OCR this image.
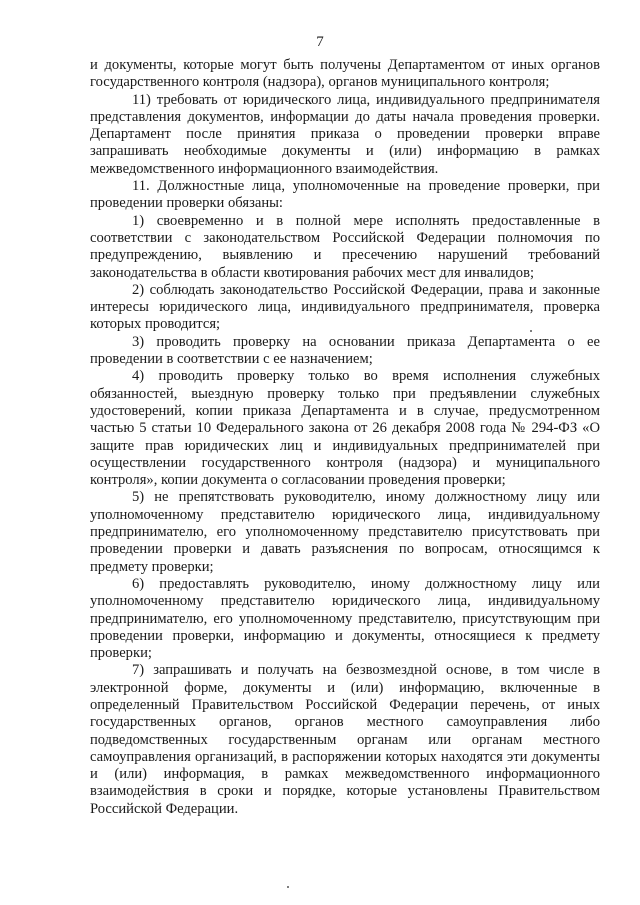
7

и документы, которые могут быть получены Департаментом от иных органов государственного контроля (надзора), органов муниципального контроля;

11) требовать от юридического лица, индивидуального предпринимателя представления документов, информации до даты начала проведения проверки. Департамент после принятия приказа о проведении проверки вправе запрашивать необходимые документы и (или) информацию в рамках межведомственного информационного взаимодействия.

11. Должностные лица, уполномоченные на проведение проверки, при проведении проверки обязаны:

1) своевременно и в полной мере исполнять предоставленные в соответствии с законодательством Российской Федерации полномочия по предупреждению, выявлению и пресечению нарушений требований законодательства в области квотирования рабочих мест для инвалидов;

2) соблюдать законодательство Российской Федерации, права и законные интересы юридического лица, индивидуального предпринимателя, проверка которых проводится;

3) проводить проверку на основании приказа Департамента о ее проведении в соответствии с ее назначением;

4) проводить проверку только во время исполнения служебных обязанностей, выездную проверку только при предъявлении служебных удостоверений, копии приказа Департамента и в случае, предусмотренном частью 5 статьи 10 Федерального закона от 26 декабря 2008 года № 294-ФЗ «О защите прав юридических лиц и индивидуальных предпринимателей при осуществлении государственного контроля (надзора) и муниципального контроля», копии документа о согласовании проведения проверки;

5) не препятствовать руководителю, иному должностному лицу или уполномоченному представителю юридического лица, индивидуальному предпринимателю, его уполномоченному представителю присутствовать при проведении проверки и давать разъяснения по вопросам, относящимся к предмету проверки;

6) предоставлять руководителю, иному должностному лицу или уполномоченному представителю юридического лица, индивидуальному предпринимателю, его уполномоченному представителю, присутствующим при проведении проверки, информацию и документы, относящиеся к предмету проверки;

7) запрашивать и получать на безвозмездной основе, в том числе в электронной форме, документы и (или) информацию, включенные в определенный Правительством Российской Федерации перечень, от иных государственных органов, органов местного самоуправления либо подведомственных государственным органам или органам местного самоуправления организаций, в распоряжении которых находятся эти документы и (или) информация, в рамках межведомственного информационного взаимодействия в сроки и порядке, которые установлены Правительством Российской Федерации.
